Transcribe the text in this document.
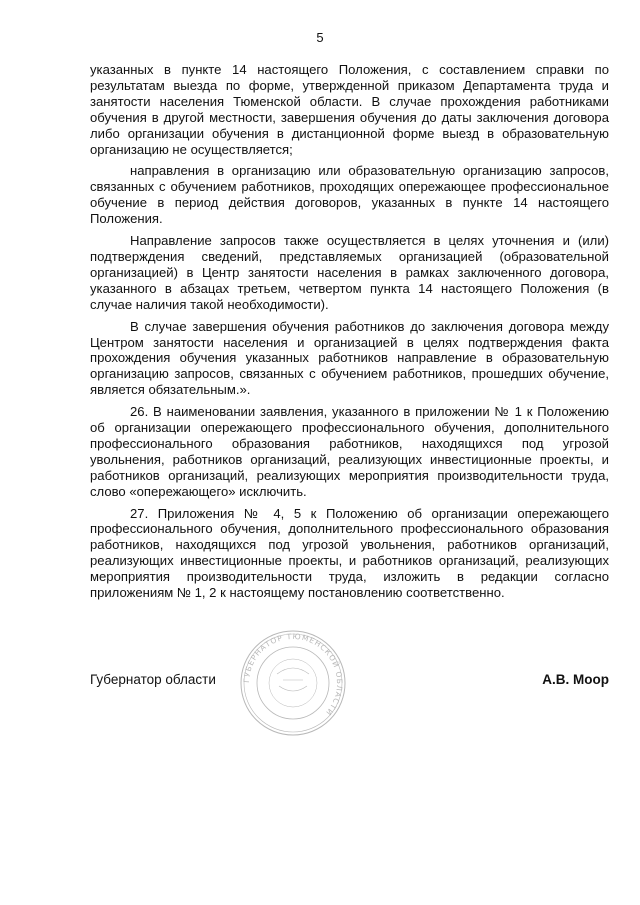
5

указанных в пункте 14 настоящего Положения, с составлением справки по результатам выезда по форме, утвержденной приказом Департамента труда и занятости населения Тюменской области. В случае прохождения работниками обучения в другой местности, завершения обучения до даты заключения договора либо организации обучения в дистанционной форме выезд в образовательную организацию не осуществляется;

направления в организацию или образовательную организацию запросов, связанных с обучением работников, проходящих опережающее профессиональное обучение в период действия договоров, указанных в пункте 14 настоящего Положения.

Направление запросов также осуществляется в целях уточнения и (или) подтверждения сведений, представляемых организацией (образовательной организацией) в Центр занятости населения в рамках заключенного договора, указанного в абзацах третьем, четвертом пункта 14 настоящего Положения (в случае наличия такой необходимости).

В случае завершения обучения работников до заключения договора между Центром занятости населения и организацией в целях подтверждения факта прохождения обучения указанных работников направление в образовательную организацию запросов, связанных с обучением работников, прошедших обучение, является обязательным.».

26. В наименовании заявления, указанного в приложении № 1 к Положению об организации опережающего профессионального обучения, дополнительного профессионального образования работников, находящихся под угрозой увольнения, работников организаций, реализующих инвестиционные проекты, и работников организаций, реализующих мероприятия производительности труда, слово «опережающего» исключить.

27. Приложения № 4, 5 к Положению об организации опережающего профессионального обучения, дополнительного профессионального образования работников, находящихся под угрозой увольнения, работников организаций, реализующих инвестиционные проекты, и работников организаций, реализующих мероприятия производительности труда, изложить в редакции согласно приложениям № 1, 2 к настоящему постановлению соответственно.

Губернатор области	А.В. Моор
ГУБЕРНАТОР ТЮМЕНСКОЙ ОБЛАСТИ
